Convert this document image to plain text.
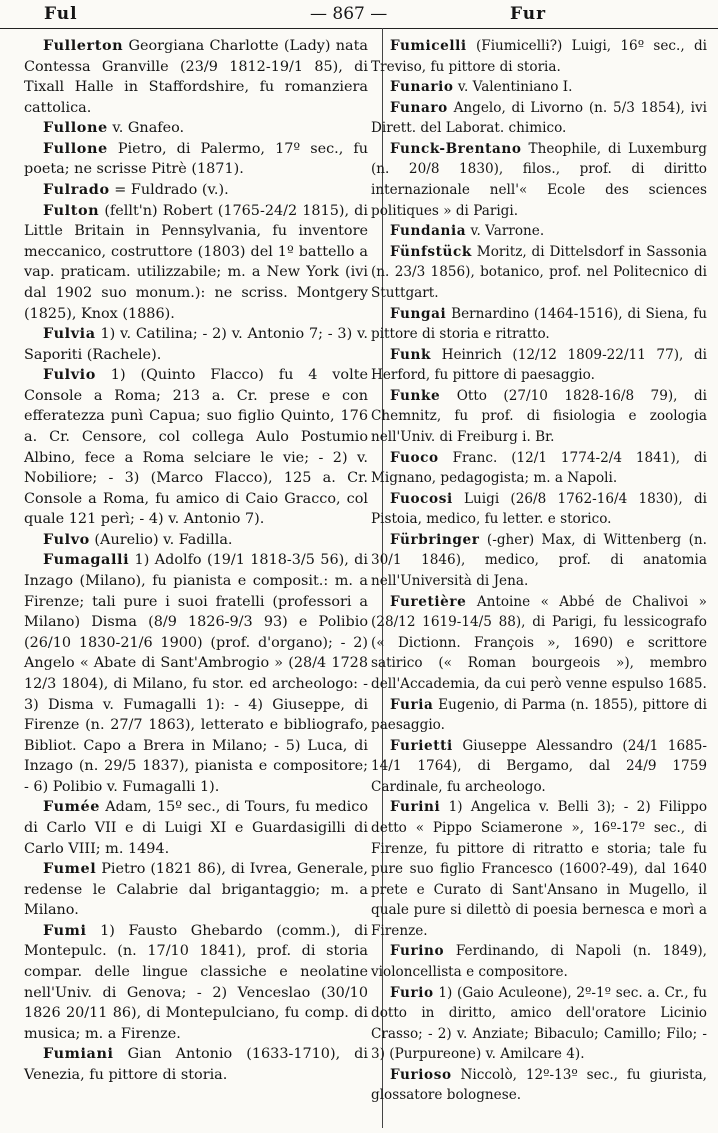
Ful	— 867 —	Fur

Fullerton Georgiana Charlotte (Lady) nata Contessa Granville (23/9 1812-19/1 85), di Tixall Halle in Staffordshire, fu romanziera cattolica.

Fullone v. Gnafeo.

Fullone Pietro, di Palermo, 17º sec., fu poeta; ne scrisse Pitrè (1871).

Fulrado = Fuldrado (v.).

Fulton (fellt'n) Robert (1765-24/2 1815), di Little Britain in Pennsylvania, fu inventore meccanico, costruttore (1803) del 1º battello a vap. praticam. utilizzabile; m. a New York (ivi dal 1902 suo monum.): ne scriss. Montgery (1825), Knox (1886).

Fulvia 1) v. Catilina; - 2) v. Antonio 7; - 3) v. Saporiti (Rachele).

Fulvio 1) (Quinto Flacco) fu 4 volte Console a Roma; 213 a. Cr. prese e con efferatezza punì Capua; suo figlio Quinto, 176 a. Cr. Censore, col collega Aulo Postumio Albino, fece a Roma selciare le vie; - 2) v. Nobiliore; - 3) (Marco Flacco), 125 a. Cr. Console a Roma, fu amico di Caio Gracco, col quale 121 perì; - 4) v. Antonio 7).

Fulvo (Aurelio) v. Fadilla.

Fumagalli 1) Adolfo (19/1 1818-3/5 56), di Inzago (Milano), fu pianista e composit.: m. a Firenze; tali pure i suoi fratelli (professori a Milano) Disma (8/9 1826-9/3 93) e Polibio (26/10 1830-21/6 1900) (prof. d'organo); - 2) Angelo « Abate di Sant'Ambrogio » (28/4 1728 12/3 1804), di Milano, fu stor. ed archeologo: - 3) Disma v. Fumagalli 1): - 4) Giuseppe, di Firenze (n. 27/7 1863), letterato e bibliografo, Bibliot. Capo a Brera in Milano; - 5) Luca, di Inzago (n. 29/5 1837), pianista e compositore; - 6) Polibio v. Fumagalli 1).

Fumée Adam, 15º sec., di Tours, fu medico di Carlo VII e di Luigi XI e Guardasigilli di Carlo VIII; m. 1494.

Fumel Pietro (1821 86), di Ivrea, Generale, redense le Calabrie dal brigantaggio; m. a Milano.

Fumi 1) Fausto Ghebardo (comm.), di Montepulc. (n. 17/10 1841), prof. di storia compar. delle lingue classiche e neolatine nell'Univ. di Genova; - 2) Venceslao (30/10 1826 20/11 86), di Montepulciano, fu comp. di musica; m. a Firenze.

Fumiani Gian Antonio (1633-1710), di Venezia, fu pittore di storia.

Fumicelli (Fiumicelli?) Luigi, 16º sec., di Treviso, fu pittore di storia.

Funario v. Valentiniano I.

Funaro Angelo, di Livorno (n. 5/3 1854), ivi Dirett. del Laborat. chimico.

Funck-Brentano Theophile, di Luxemburg (n. 20/8 1830), filos., prof. di diritto internazionale nell'« Ecole des sciences politiques » di Parigi.

Fundania v. Varrone.

Fünfstück Moritz, di Dittelsdorf in Sassonia (n. 23/3 1856), botanico, prof. nel Politecnico di Stuttgart.

Fungai Bernardino (1464-1516), di Siena, fu pittore di storia e ritratto.

Funk Heinrich (12/12 1809-22/11 77), di Herford, fu pittore di paesaggio.

Funke Otto (27/10 1828-16/8 79), di Chemnitz, fu prof. di fisiologia e zoologia nell'Univ. di Freiburg i. Br.

Fuoco Franc. (12/1 1774-2/4 1841), di Mignano, pedagogista; m. a Napoli.

Fuocosi Luigi (26/8 1762-16/4 1830), di Pistoia, medico, fu letter. e storico.

Fürbringer (-gher) Max, di Wittenberg (n. 30/1 1846), medico, prof. di anatomia nell'Università di Jena.

Furetière Antoine « Abbé de Chalivoi » (28/12 1619-14/5 88), di Parigi, fu lessicografo (« Dictionn. François », 1690) e scrittore satirico (« Roman bourgeois »), membro dell'Accademia, da cui però venne espulso 1685.

Furia Eugenio, di Parma (n. 1855), pittore di paesaggio.

Furietti Giuseppe Alessandro (24/1 1685-14/1 1764), di Bergamo, dal 24/9 1759 Cardinale, fu archeologo.

Furini 1) Angelica v. Belli 3); - 2) Filippo detto « Pippo Sciamerone », 16º-17º sec., di Firenze, fu pittore di ritratto e storia; tale fu pure suo figlio Francesco (1600?-49), dal 1640 prete e Curato di Sant'Ansano in Mugello, il quale pure si dilettò di poesia bernesca e morì a Firenze.

Furino Ferdinando, di Napoli (n. 1849), violoncellista e compositore.

Furio 1) (Gaio Aculeone), 2º-1º sec. a. Cr., fu dotto in diritto, amico dell'oratore Licinio Crasso; - 2) v. Anziate; Bibaculo; Camillo; Filo; - 3) (Purpureone) v. Amilcare 4).

Furioso Niccolò, 12º-13º sec., fu giurista, glossatore bolognese.
